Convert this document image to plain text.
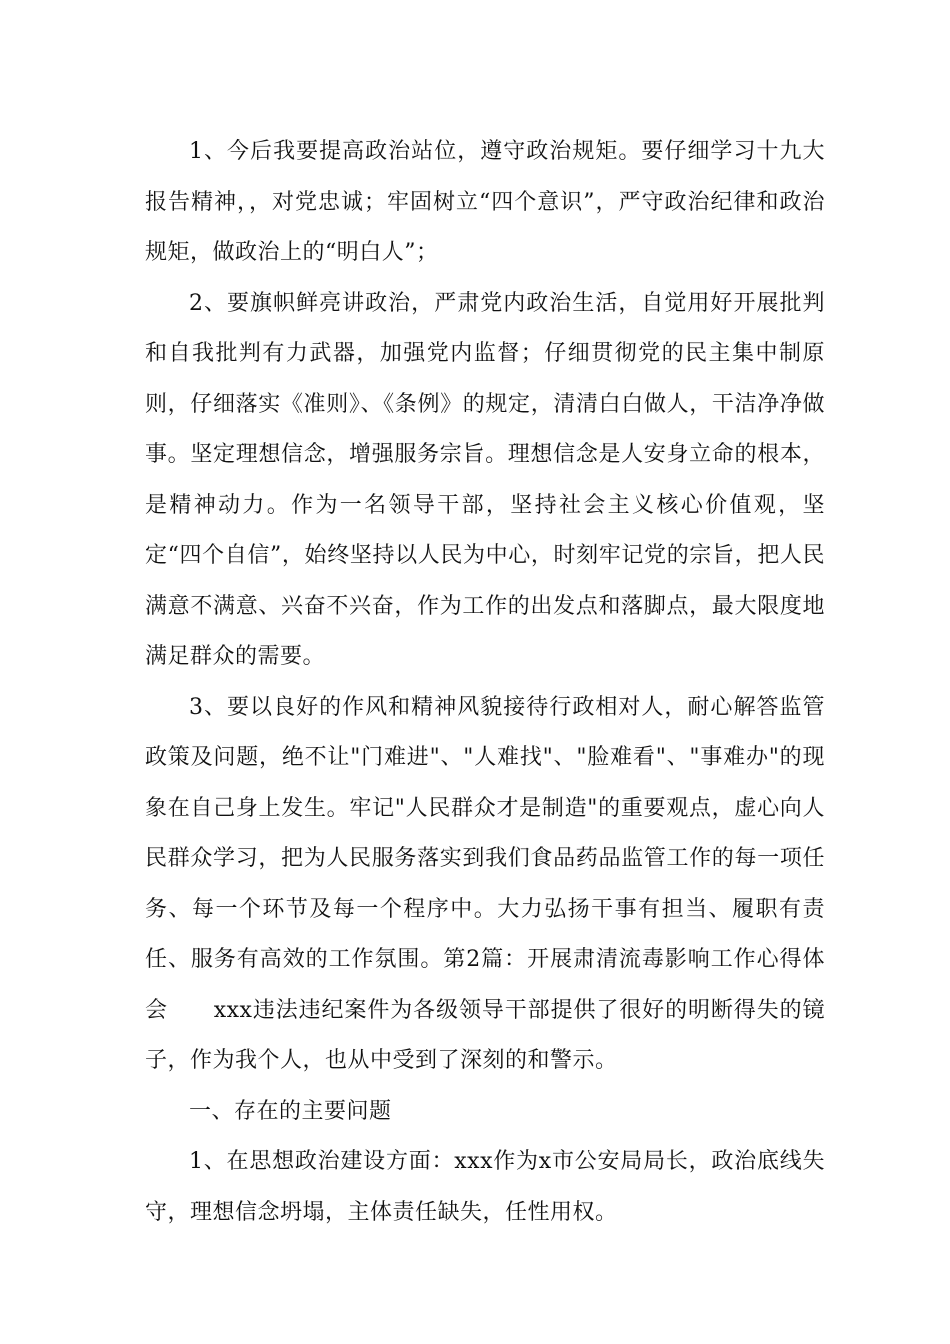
1、今后我要提高政治站位，遵守政治规矩。要仔细学习十九大报告精神，，对党忠诚；牢固树立“四个意识”，严守政治纪律和政治规矩，做政治上的“明白人”；

2、要旗帜鲜亮讲政治，严肃党内政治生活，自觉用好开展批判和自我批判有力武器，加强党内监督；仔细贯彻党的民主集中制原则，仔细落实《准则》、《条例》的规定，清清白白做人，干洁净净做事。坚定理想信念，增强服务宗旨。理想信念是人安身立命的根本，是精神动力。作为一名领导干部，坚持社会主义核心价值观，坚定“四个自信”，始终坚持以人民为中心，时刻牢记党的宗旨，把人民满意不满意、兴奋不兴奋，作为工作的出发点和落脚点，最大限度地满足群众的需要。

3、要以良好的作风和精神风貌接待行政相对人，耐心解答监管政策及问题，绝不让"门难进"、"人难找"、"脸难看"、"事难办"的现象在自己身上发生。牢记"人民群众才是制造"的重要观点，虚心向人民群众学习，把为人民服务落实到我们食品药品监管工作的每一项任务、每一个环节及每一个程序中。大力弘扬干事有担当、履职有责任、服务有高效的工作氛围。第2篇：开展肃清流毒影响工作心得体会　　xxx违法违纪案件为各级领导干部提供了很好的明断得失的镜子，作为我个人，也从中受到了深刻的和警示。

一、存在的主要问题

1、在思想政治建设方面：xxx作为x市公安局局长，政治底线失守，理想信念坍塌，主体责任缺失，任性用权。
